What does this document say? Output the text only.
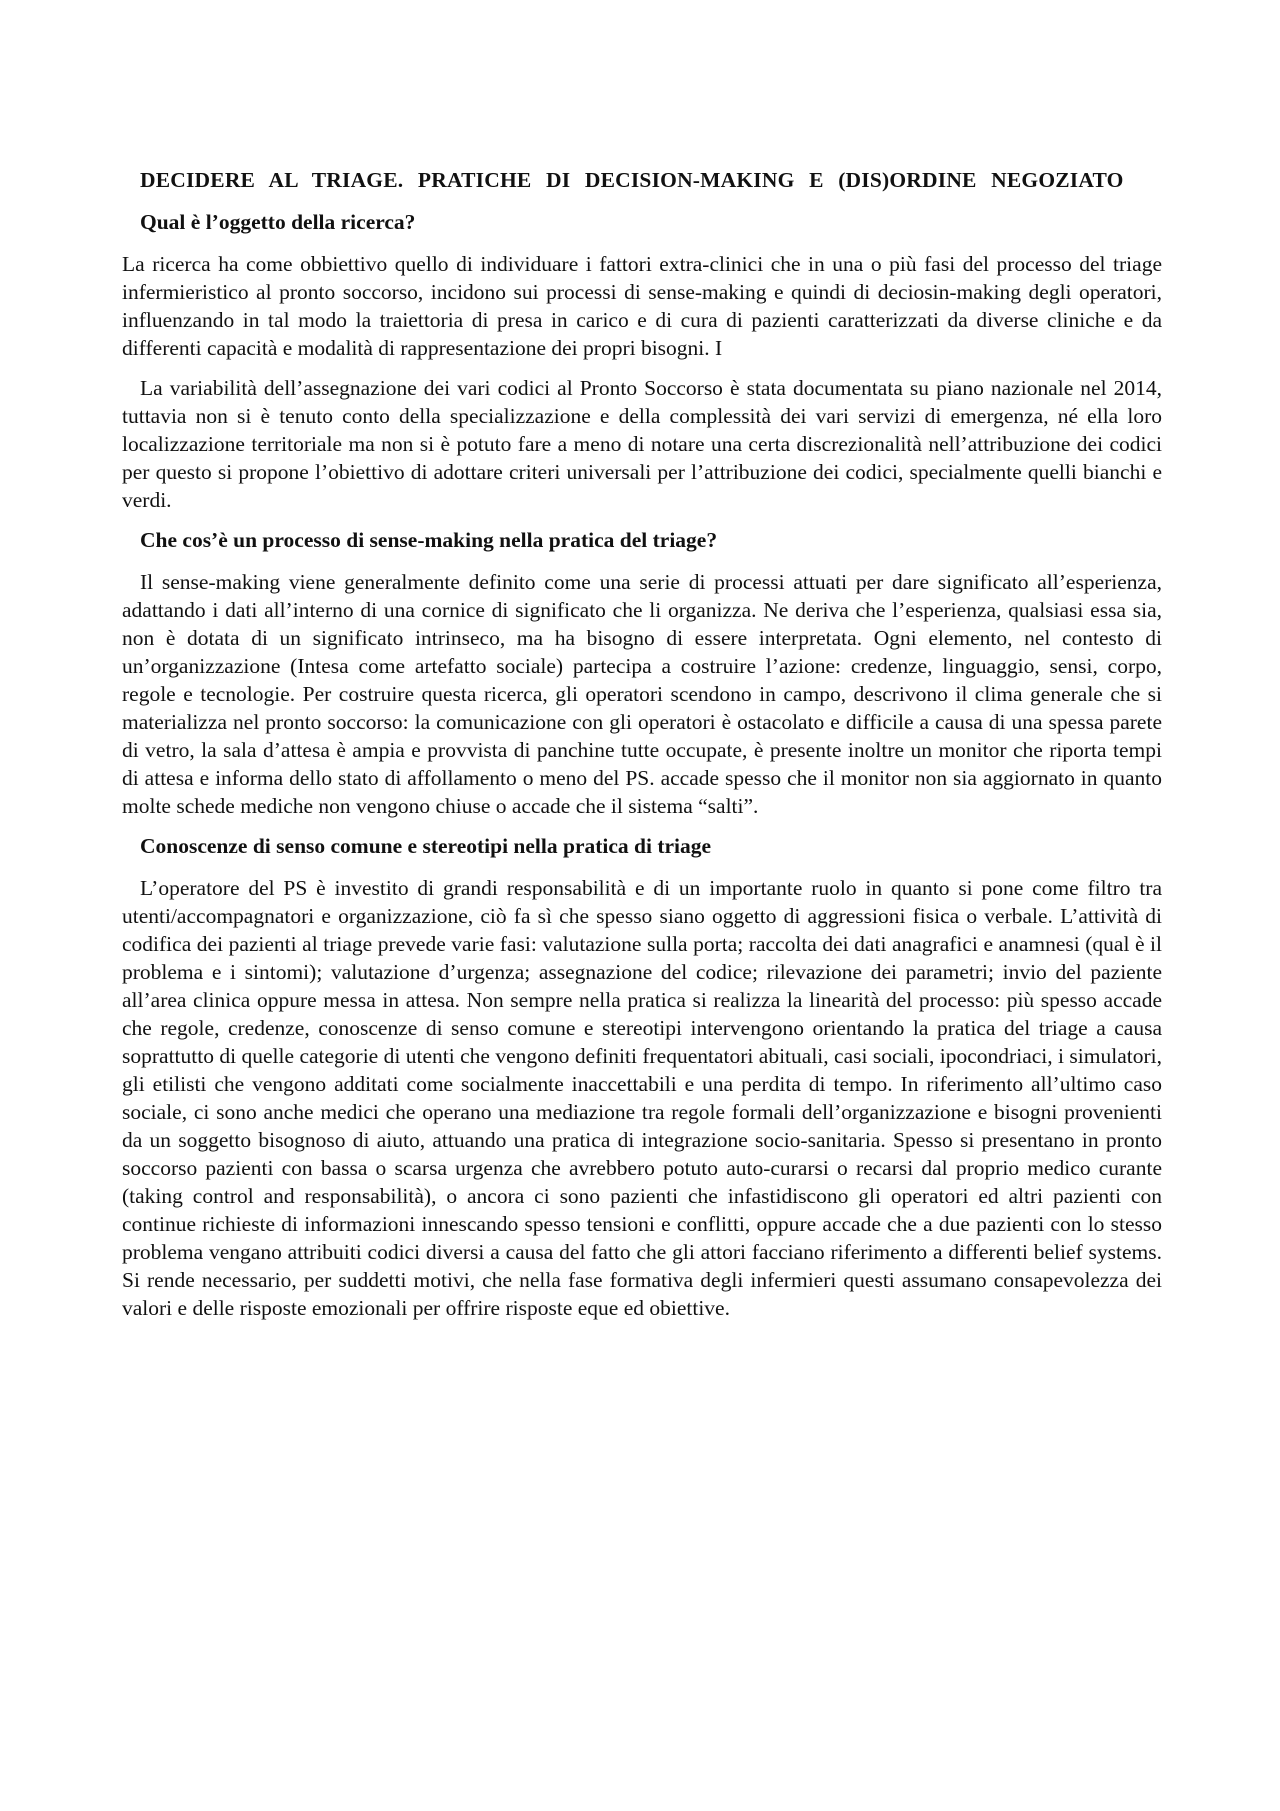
DECIDERE AL TRIAGE. PRATICHE DI DECISION-MAKING E (DIS)ORDINE NEGOZIATO
Qual è l’oggetto della ricerca?

La ricerca ha come obbiettivo quello di individuare i fattori extra-clinici che in una o più fasi del processo del triage infermieristico al pronto soccorso, incidono sui processi di sense-making e quindi di deciosin-making degli operatori, influenzando in tal modo la traiettoria di presa in carico e di cura di pazienti caratterizzati da diverse cliniche e da differenti capacità e modalità di rappresentazione dei propri bisogni. I

La variabilità dell’assegnazione dei vari codici al Pronto Soccorso è stata documentata su piano nazionale nel 2014, tuttavia non si è tenuto conto della specializzazione e della complessità dei vari servizi di emergenza, né ella loro localizzazione territoriale ma non si è potuto fare a meno di notare una certa discrezionalità nell’attribuzione dei codici per questo si propone l’obiettivo di adottare criteri universali per l’attribuzione dei codici, specialmente quelli bianchi e verdi.

Che cos’è un processo di sense-making nella pratica del triage?

Il sense-making viene generalmente definito come una serie di processi attuati per dare significato all’esperienza, adattando i dati all’interno di una cornice di significato che li organizza. Ne deriva che l’esperienza, qualsiasi essa sia, non è dotata di un significato intrinseco, ma ha bisogno di essere interpretata. Ogni elemento, nel contesto di un’organizzazione (Intesa come artefatto sociale) partecipa a costruire l’azione: credenze, linguaggio, sensi, corpo, regole e tecnologie. Per costruire questa ricerca, gli operatori scendono in campo, descrivono il clima generale che si materializza nel pronto soccorso: la comunicazione con gli operatori è ostacolato e difficile a causa di una spessa parete di vetro, la sala d’attesa è ampia e provvista di panchine tutte occupate, è presente inoltre un monitor che riporta tempi di attesa e informa dello stato di affollamento o meno del PS. accade spesso che il monitor non sia aggiornato in quanto molte schede mediche non vengono chiuse o accade che il sistema “salti”.

Conoscenze di senso comune e stereotipi nella pratica di triage

L’operatore del PS è investito di grandi responsabilità e di un importante ruolo in quanto si pone come filtro tra utenti/accompagnatori e organizzazione, ciò fa sì che spesso siano oggetto di aggressioni fisica o verbale. L’attività di codifica dei pazienti al triage prevede varie fasi: valutazione sulla porta; raccolta dei dati anagrafici e anamnesi (qual è il problema e i sintomi); valutazione d’urgenza; assegnazione del codice; rilevazione dei parametri; invio del paziente all’area clinica oppure messa in attesa. Non sempre nella pratica si realizza la linearità del processo: più spesso accade che regole, credenze, conoscenze di senso comune e stereotipi intervengono orientando la pratica del triage a causa soprattutto di quelle categorie di utenti che vengono definiti frequentatori abituali, casi sociali, ipocondriaci, i simulatori, gli etilisti che vengono additati come socialmente inaccettabili e una perdita di tempo. In riferimento all’ultimo caso sociale, ci sono anche medici che operano una mediazione tra regole formali dell’organizzazione e bisogni provenienti da un soggetto bisognoso di aiuto, attuando una pratica di integrazione socio-sanitaria. Spesso si presentano in pronto soccorso pazienti con bassa o scarsa urgenza che avrebbero potuto auto-curarsi o recarsi dal proprio medico curante (taking control and responsabilità), o ancora ci sono pazienti che infastidiscono gli operatori ed altri pazienti con continue richieste di informazioni innescando spesso tensioni e conflitti, oppure accade che a due pazienti con lo stesso problema vengano attribuiti codici diversi a causa del fatto che gli attori facciano riferimento a differenti belief systems. Si rende necessario, per suddetti motivi, che nella fase formativa degli infermieri questi assumano consapevolezza dei valori e delle risposte emozionali per offrire risposte eque ed obiettive.
